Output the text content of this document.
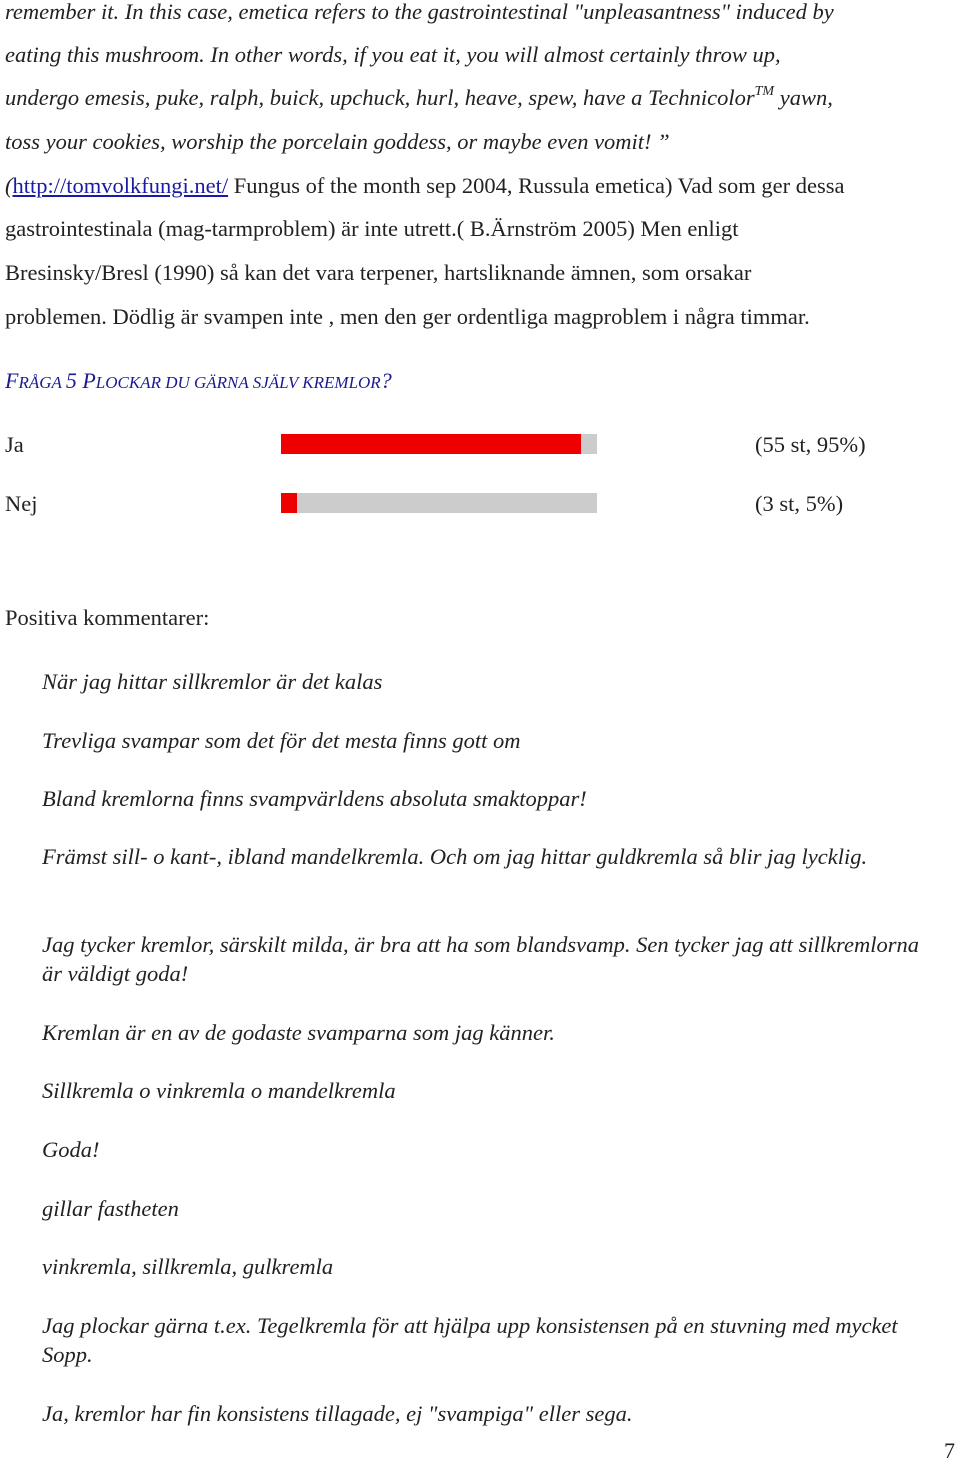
remember it. In this case, emetica refers to the gastrointestinal "unpleasantness" induced by
eating this mushroom. In other words, if you eat it, you will almost certainly throw up,
undergo emesis, puke, ralph, buick, upchuck, hurl, heave, spew, have a Technicolor™ yawn,
toss your cookies, worship the porcelain goddess, or maybe even vomit! ”
(http://tomvolkfungi.net/ Fungus of the month sep 2004, Russula emetica) Vad som ger dessa
gastrointestinala (mag-tarmproblem) är inte utrett.( B.Ärnström 2005) Men enligt
Bresinsky/Bresl (1990) så kan det vara terpener, hartsliknande ämnen, som orsakar
problemen. Dödlig är svampen inte , men den ger ordentliga magproblem i några timmar.
FRÅGA 5 PLOCKAR DU GÄRNA SJÄLV KREMLOR?
Ja	(55 st, 95%)
Nej	(3 st, 5%)
Positiva kommentarer:
När jag hittar sillkremlor är det kalas
Trevliga svampar som det för det mesta finns gott om
Bland kremlorna finns svampvärldens absoluta smaktoppar!
Främst sill- o kant-, ibland mandelkremla. Och om jag hittar guldkremla så blir jag lycklig.
Jag tycker kremlor, särskilt milda, är bra att ha som blandsvamp. Sen tycker jag att sillkremlorna är väldigt goda!
Kremlan är en av de godaste svamparna som jag känner.
Sillkremla o vinkremla o mandelkremla
Goda!
gillar fastheten
vinkremla, sillkremla, gulkremla
Jag plockar gärna t.ex. Tegelkremla för att hjälpa upp konsistensen på en stuvning med mycket Sopp.
Ja, kremlor har fin konsistens tillagade, ej "svampiga" eller sega.
7
